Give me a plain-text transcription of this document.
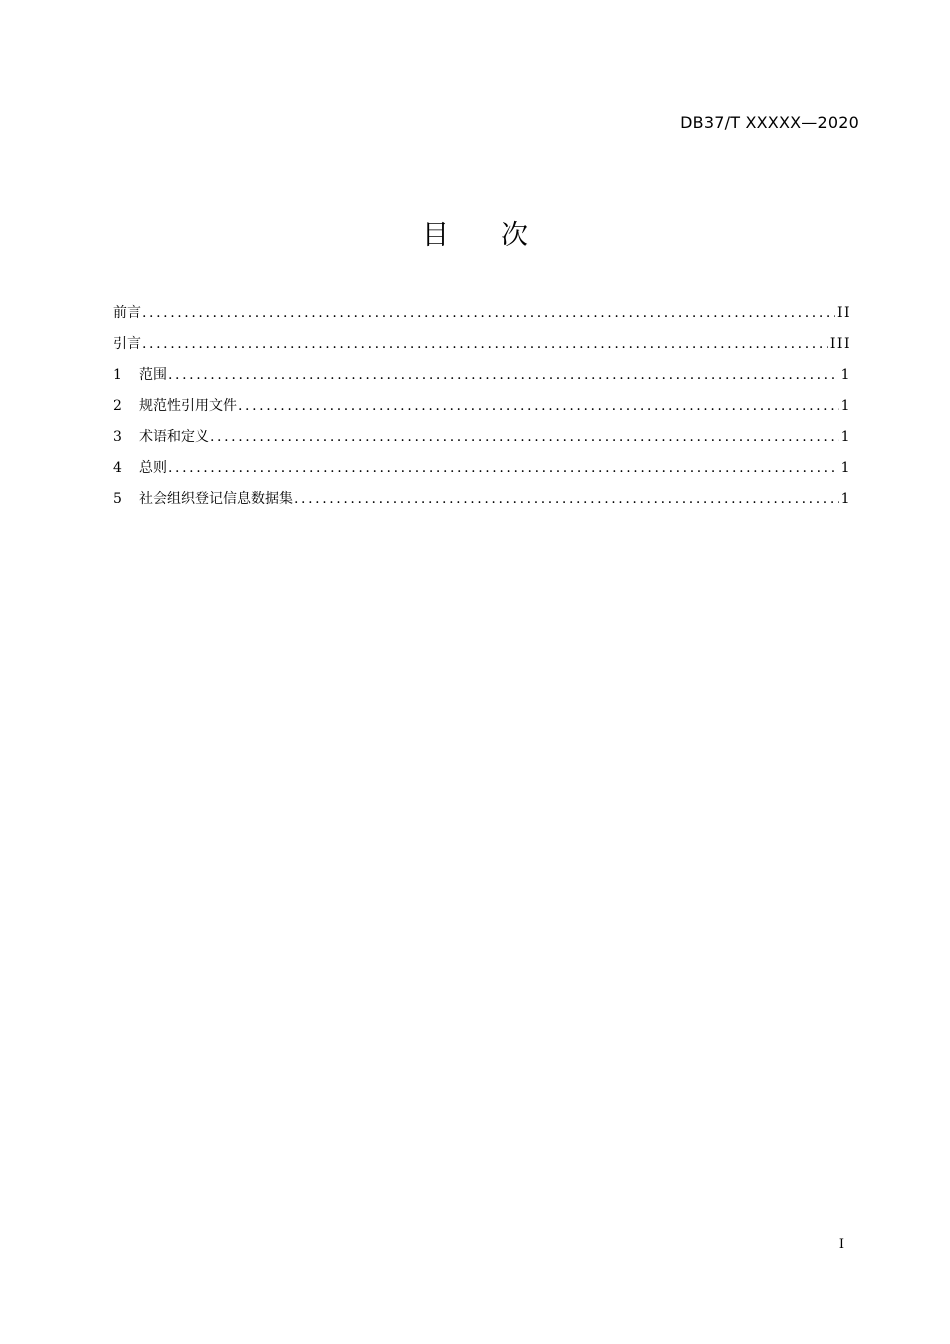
DB37/T XXXXX—2020
目次
前言 .....	II
引言 .....	III
1	范围 .....	1
2	规范性引用文件 .....	1
3	术语和定义 .....	1
4	总则 .....	1
5	社会组织登记信息数据集 .....	1
I
